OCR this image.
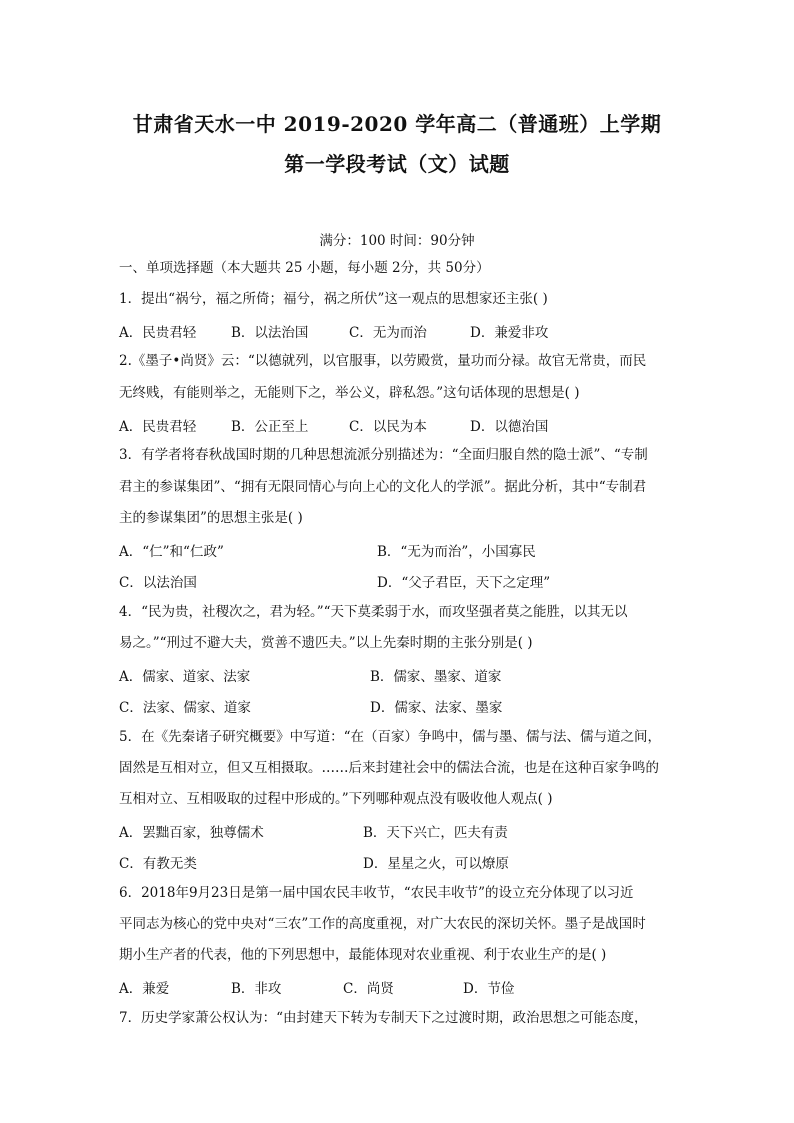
甘肃省天水一中 2019-2020 学年高二（普通班）上学期
第一学段考试（文）试题
满分：100 时间：90分钟
一、单项选择题（本大题共 25 小题，每小题 2分，共 50分）
1．提出“祸兮，福之所倚；福兮，祸之所伏”这一观点的思想家还主张( )
A．民贵君轻	B．以法治国	C．无为而治	D．兼爱非攻
2.《墨子•尚贤》云：“以德就列，以官服事，以劳殿赏，量功而分禄。故官无常贵，而民
无终贱，有能则举之，无能则下之，举公义，辟私怨。”这句话体现的思想是( )
A．民贵君轻	B．公正至上	C．以民为本	D．以德治国
3．有学者将春秋战国时期的几种思想流派分别描述为：“全面归服自然的隐士派”、“专制
君主的参谋集团”、“拥有无限同情心与向上心的文化人的学派”。据此分析，其中“专制君
主的参谋集团”的思想主张是( )
A．“仁”和“仁政”	B．“无为而治”，小国寡民
C．以法治国	D．“父子君臣，天下之定理”
4．“民为贵，社稷次之，君为轻。”“天下莫柔弱于水，而攻坚强者莫之能胜，以其无以
易之。”“刑过不避大夫，赏善不遗匹夫。”以上先秦时期的主张分别是( )
A．儒家、道家、法家	B．儒家、墨家、道家
C．法家、儒家、道家	D．儒家、法家、墨家
5．在《先秦诸子研究概要》中写道：“在（百家）争鸣中，儒与墨、儒与法、儒与道之间，
固然是互相对立，但又互相摄取。……后来封建社会中的儒法合流，也是在这种百家争鸣的
互相对立、互相吸取的过程中形成的。”下列哪种观点没有吸收他人观点( )
A．罢黜百家，独尊儒术	B．天下兴亡，匹夫有责
C．有教无类	D．星星之火，可以燎原
6．2018年9月23日是第一届中国农民丰收节，“农民丰收节”的设立充分体现了以习近
平同志为核心的党中央对“三农”工作的高度重视，对广大农民的深切关怀。墨子是战国时
期小生产者的代表，他的下列思想中，最能体现对农业重视、利于农业生产的是( )
A．兼爱	B．非攻	C．尚贤	D．节俭
7．历史学家萧公权认为：“由封建天下转为专制天下之过渡时期，政治思想之可能态度，
